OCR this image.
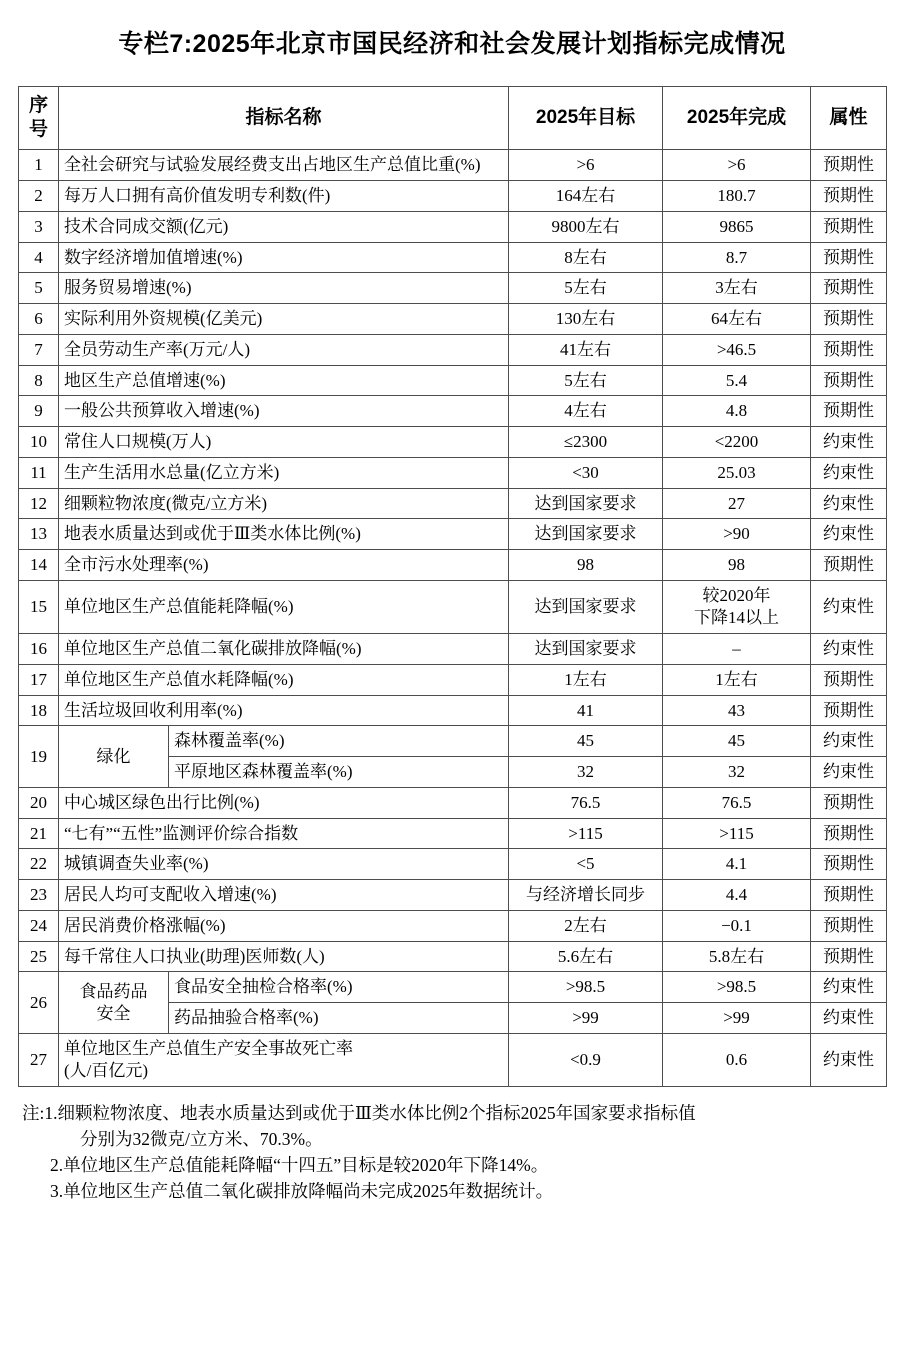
专栏7:2025年北京市国民经济和社会发展计划指标完成情况
序号	指标名称		2025年目标	2025年完成	属性
1	全社会研究与试验发展经费支出占地区生产总值比重(%)		>6	>6	预期性
2	每万人口拥有高价值发明专利数(件)		164左右	180.7	预期性
3	技术合同成交额(亿元)		9800左右	9865	预期性
4	数字经济增加值增速(%)		8左右	8.7	预期性
5	服务贸易增速(%)		5左右	3左右	预期性
6	实际利用外资规模(亿美元)		130左右	64左右	预期性
7	全员劳动生产率(万元/人)		41左右	>46.5	预期性
8	地区生产总值增速(%)		5左右	5.4	预期性
9	一般公共预算收入增速(%)		4左右	4.8	预期性
10	常住人口规模(万人)		≤2300	<2200	约束性
11	生产生活用水总量(亿立方米)		<30	25.03	约束性
12	细颗粒物浓度(微克/立方米)		达到国家要求	27	约束性
13	地表水质量达到或优于Ⅲ类水体比例(%)		达到国家要求	>90	约束性
14	全市污水处理率(%)		98	98	预期性
15	单位地区生产总值能耗降幅(%)		达到国家要求	较2020年
下降14以上	约束性
16	单位地区生产总值二氧化碳排放降幅(%)		达到国家要求	–	约束性
17	单位地区生产总值水耗降幅(%)		1左右	1左右	预期性
18	生活垃圾回收利用率(%)		41	43	预期性
19	绿化	森林覆盖率(%)	45	45	约束性
		平原地区森林覆盖率(%)	32	32	约束性
20	中心城区绿色出行比例(%)		76.5	76.5	预期性
21	“七有”“五性”监测评价综合指数		>115	>115	预期性
22	城镇调查失业率(%)		<5	4.1	预期性
23	居民人均可支配收入增速(%)		与经济增长同步	4.4	预期性
24	居民消费价格涨幅(%)		2左右	−0.1	预期性
25	每千常住人口执业(助理)医师数(人)		5.6左右	5.8左右	预期性
26	食品药品
安全	食品安全抽检合格率(%)	>98.5	>98.5	约束性
		药品抽验合格率(%)	>99	>99	约束性
27	单位地区生产总值生产安全事故死亡率
(人/百亿元)		<0.9	0.6	约束性
注:1. 细颗粒物浓度、地表水质量达到或优于Ⅲ类水体比例2个指标2025年国家要求指标值
分别为32微克/立方米、70.3%。
2. 单位地区生产总值能耗降幅“十四五”目标是较2020年下降14%。
3. 单位地区生产总值二氧化碳排放降幅尚未完成2025年数据统计。
